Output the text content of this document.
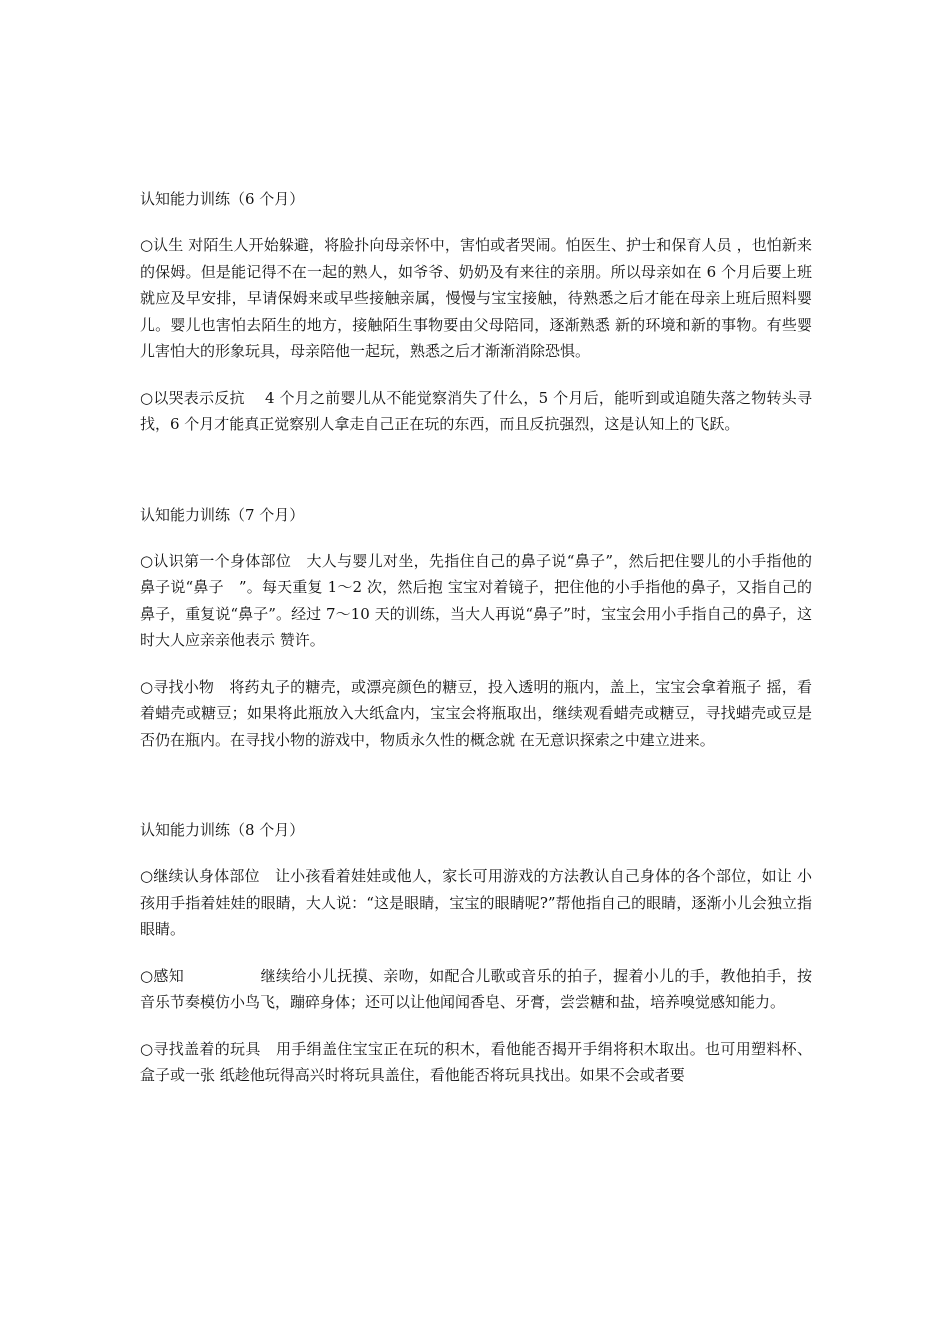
认知能力训练（6 个月）

○认生 对陌生人开始躲避，将脸扑向母亲怀中，害怕或者哭闹。怕医生、护士和保育人员 ，也怕新来的保姆。但是能记得不在一起的熟人，如爷爷、奶奶及有来往的亲朋。所以母亲如在 6 个月后要上班就应及早安排，早请保姆来或早些接触亲属，慢慢与宝宝接触，待熟悉之后才能在母亲上班后照料婴儿。婴儿也害怕去陌生的地方，接触陌生事物要由父母陪同，逐渐熟悉 新的环境和新的事物。有些婴儿害怕大的形象玩具，母亲陪他一起玩，熟悉之后才渐渐消除恐惧。

○以哭表示反抗　 4 个月之前婴儿从不能觉察消失了什么，5 个月后，能听到或追随失落之物转头寻找，6 个月才能真正觉察别人拿走自己正在玩的东西，而且反抗强烈，这是认知上的飞跃。

认知能力训练（7 个月）

○认识第一个身体部位　大人与婴儿对坐，先指住自己的鼻子说“鼻子”，然后把住婴儿的小手指他的鼻子说“鼻子　”。每天重复 1～2 次，然后抱 宝宝对着镜子，把住他的小手指他的鼻子，又指自己的鼻子，重复说“鼻子”。经过 7～10 天的训练，当大人再说“鼻子”时，宝宝会用小手指自己的鼻子，这时大人应亲亲他表示 赞许。

○寻找小物　将药丸子的糖壳，或漂亮颜色的糖豆，投入透明的瓶内，盖上，宝宝会拿着瓶子 摇，看着蜡壳或糖豆；如果将此瓶放入大纸盒内，宝宝会将瓶取出，继续观看蜡壳或糖豆，寻找蜡壳或豆是否仍在瓶内。在寻找小物的游戏中，物质永久性的概念就 在无意识探索之中建立进来。

认知能力训练（8 个月）

○继续认身体部位　让小孩看着娃娃或他人，家长可用游戏的方法教认自己身体的各个部位，如让 小孩用手指着娃娃的眼睛，大人说：“这是眼睛，宝宝的眼睛呢?”帮他指自己的眼睛，逐渐小儿会独立指眼睛。

○感知　　　　　继续给小儿抚摸、亲吻，如配合儿歌或音乐的拍子，握着小儿的手，教他拍手，按音乐节奏模仿小鸟飞，蹦碎身体；还可以让他闻闻香皂、牙膏，尝尝糖和盐，培养嗅觉感知能力。

○寻找盖着的玩具　用手绢盖住宝宝正在玩的积木，看他能否揭开手绢将积木取出。也可用塑料杯、盒子或一张 纸趁他玩得高兴时将玩具盖住，看他能否将玩具找出。如果不会或者要
